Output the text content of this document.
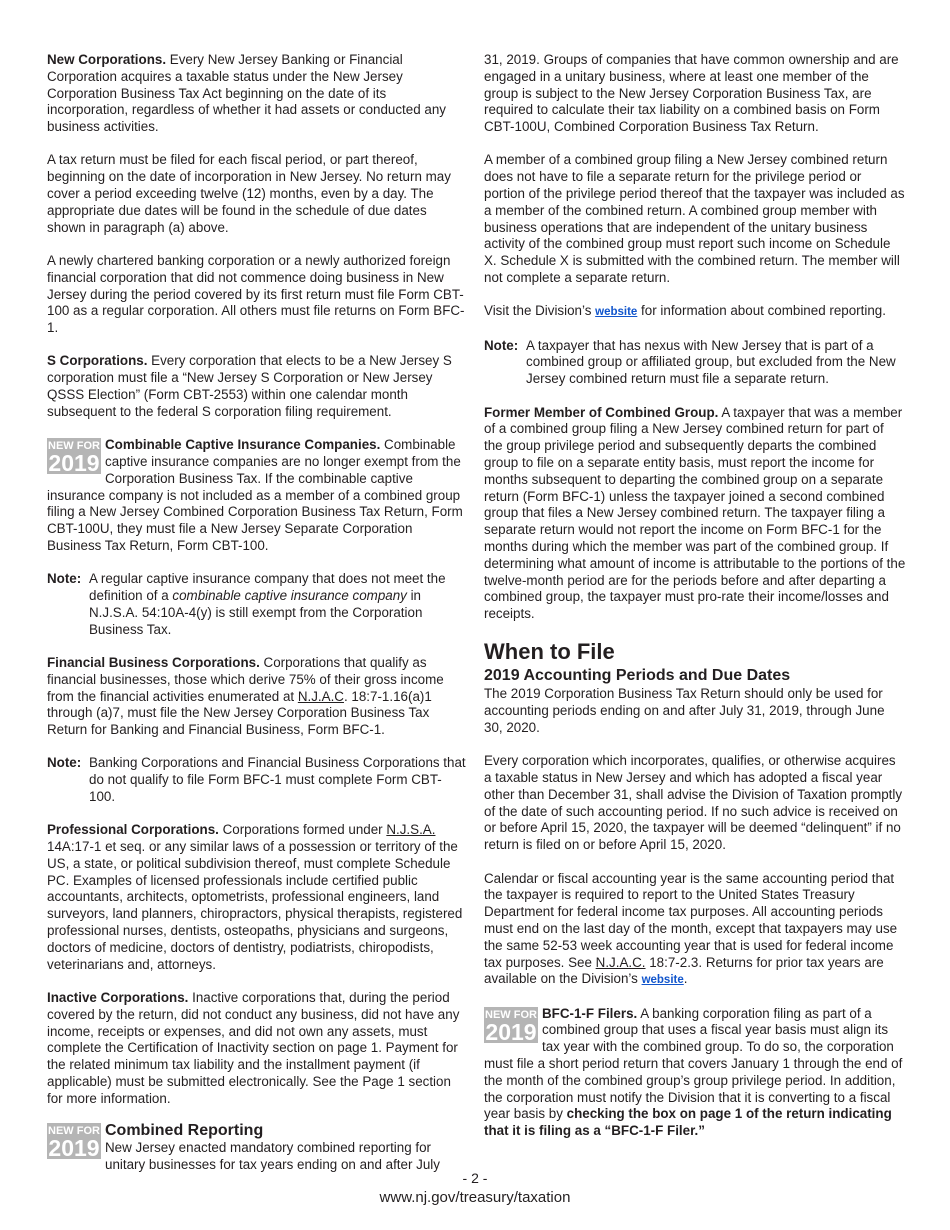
New Corporations. Every New Jersey Banking or Financial Corporation acquires a taxable status under the New Jersey Corporation Business Tax Act beginning on the date of its incorporation, regardless of whether it had assets or conducted any business activities.

A tax return must be filed for each fiscal period, or part thereof, beginning on the date of incorporation in New Jersey. No return may cover a period exceeding twelve (12) months, even by a day. The appropriate due dates will be found in the schedule of due dates shown in paragraph (a) above.

A newly chartered banking corporation or a newly authorized foreign financial corporation that did not commence doing business in New Jersey during the period covered by its first return must file Form CBT-100 as a regular corporation. All others must file returns on Form BFC-1.

S Corporations. Every corporation that elects to be a New Jersey S corporation must file a “New Jersey S Corporation or New Jersey QSSS Election” (Form CBT-2553) within one calendar month subsequent to the federal S corporation filing requirement.

NEW FOR
2019
Combinable Captive Insurance Companies. Combinable captive insurance companies are no longer exempt from the Corporation Business Tax. If the combinable captive insurance company is not included as a member of a combined group filing a New Jersey Combined Corporation Business Tax Return, Form CBT-100U, they must file a New Jersey Separate Corporation Business Tax Return, Form CBT-100.

Note: A regular captive insurance company that does not meet the definition of a combinable captive insurance company in N.J.S.A. 54:10A-4(y) is still exempt from the Corporation Business Tax.

Financial Business Corporations. Corporations that qualify as financial businesses, those which derive 75% of their gross income from the financial activities enumerated at N.J.A.C. 18:7-1.16(a)1 through (a)7, must file the New Jersey Corporation Business Tax Return for Banking and Financial Business, Form BFC-1.

Note: Banking Corporations and Financial Business Corporations that do not qualify to file Form BFC-1 must complete Form CBT-100.

Professional Corporations. Corporations formed under N.J.S.A. 14A:17-1 et seq. or any similar laws of a possession or territory of the US, a state, or political subdivision thereof, must complete Schedule PC. Examples of licensed professionals include certified public accountants, architects, optometrists, professional engineers, land surveyors, land planners, chiropractors, physical therapists, registered professional nurses, dentists, osteopaths, physicians and surgeons, doctors of medicine, doctors of dentistry, podiatrists, chiropodists, veterinarians and, attorneys.

Inactive Corporations. Inactive corporations that, during the period covered by the return, did not conduct any business, did not have any income, receipts or expenses, and did not own any assets, must complete the Certification of Inactivity section on page 1. Payment for the related minimum tax liability and the installment payment (if applicable) must be submitted electronically. See the Page 1 section for more information.

NEW FOR
2019
Combined Reporting
New Jersey enacted mandatory combined reporting for unitary businesses for tax years ending on and after July

31, 2019. Groups of companies that have common ownership and are engaged in a unitary business, where at least one member of the group is subject to the New Jersey Corporation Business Tax, are required to calculate their tax liability on a combined basis on Form CBT-100U, Combined Corporation Business Tax Return.

A member of a combined group filing a New Jersey combined return does not have to file a separate return for the privilege period or portion of the privilege period thereof that the taxpayer was included as a member of the combined return. A combined group member with business operations that are independent of the unitary business activity of the combined group must report such income on Schedule X. Schedule X is submitted with the combined return. The member will not complete a separate return.

Visit the Division’s website for information about combined reporting.

Note: A taxpayer that has nexus with New Jersey that is part of a combined group or affiliated group, but excluded from the New Jersey combined return must file a separate return.

Former Member of Combined Group. A taxpayer that was a member of a combined group filing a New Jersey combined return for part of the group privilege period and subsequently departs the combined group to file on a separate entity basis, must report the income for months subsequent to departing the combined group on a separate return (Form BFC-1) unless the taxpayer joined a second combined group that files a New Jersey combined return. The taxpayer filing a separate return would not report the income on Form BFC-1 for the months during which the member was part of the combined group. If determining what amount of income is attributable to the portions of the twelve-month period are for the periods before and after departing a combined group, the taxpayer must pro-rate their income/losses and receipts.

When to File
2019 Accounting Periods and Due Dates

The 2019 Corporation Business Tax Return should only be used for accounting periods ending on and after July 31, 2019, through June 30, 2020.

Every corporation which incorporates, qualifies, or otherwise acquires a taxable status in New Jersey and which has adopted a fiscal year other than December 31, shall advise the Division of Taxation promptly of the date of such accounting period. If no such advice is received on or before April 15, 2020, the taxpayer will be deemed “delinquent” if no return is filed on or before April 15, 2020.

Calendar or fiscal accounting year is the same accounting period that the taxpayer is required to report to the United States Treasury Department for federal income tax purposes. All accounting periods must end on the last day of the month, except that taxpayers may use the same 52-53 week accounting year that is used for federal income tax purposes. See N.J.A.C. 18:7-2.3. Returns for prior tax years are available on the Division’s website.

NEW FOR
2019
BFC-1-F Filers. A banking corporation filing as part of a combined group that uses a fiscal year basis must align its tax year with the combined group. To do so, the corporation must file a short period return that covers January 1 through the end of the month of the combined group’s group privilege period. In addition, the corporation must notify the Division that it is converting to a fiscal year basis by checking the box on page 1 of the return indicating that it is filing as a “BFC-1-F Filer.”

- 2 -
www.nj.gov/treasury/taxation
